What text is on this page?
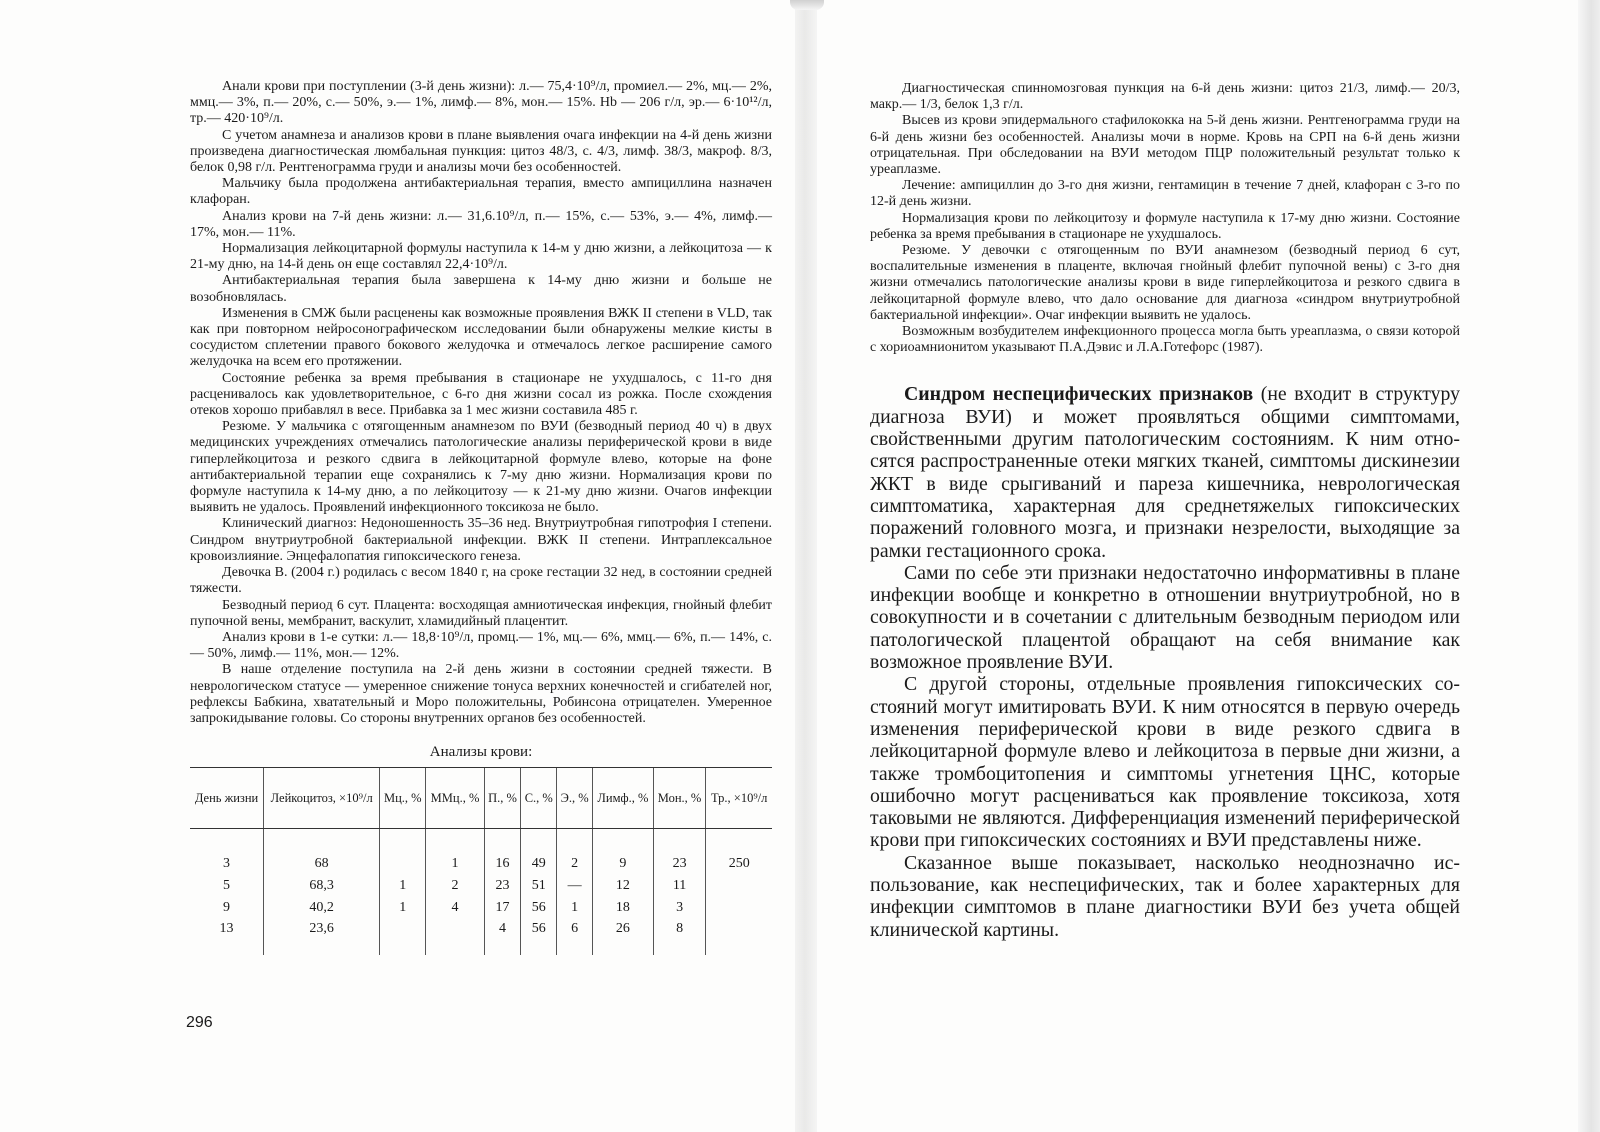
Анали крови при поступлении (3-й день жизни): л.— 75,4·10⁹/л, промиел.— 2%, мц.— 2%, ммц.— 3%, п.— 20%, с.— 50%, э.— 1%, лимф.— 8%, мон.— 15%. Hb — 206 г/л, эр.— 6·10¹²/л, тр.— 420·10⁹/л.

С учетом анамнеза и анализов крови в плане выявления очага инфекции на 4-й день жизни произведена диагностическая люмбальная пункция: цитоз 48/3, с. 4/3, лимф. 38/3, макроф. 8/3, белок 0,98 г/л. Рентгенограмма груди и анализы мочи без особенностей.

Мальчику была продолжена антибактериальная терапия, вместо ампициллина назначен клафоран.

Анализ крови на 7-й день жизни: л.— 31,6.10⁹/л, п.— 15%, с.— 53%, э.— 4%, лимф.— 17%, мон.— 11%.

Нормализация лейкоцитарной формулы наступила к 14-м у дню жизни, а лейкоцитоза — к 21-му дню, на 14-й день он еще составлял 22,4·10⁹/л.

Антибактериальная терапия была завершена к 14-му дню жизни и больше не возобновлялась.

Изменения в СМЖ были расценены как возможные проявления ВЖК II степени в VLD, так как при повторном нейросонографическом исследовании были обнаружены мелкие кисты в сосудистом сплетении правого бокового желудочка и отмечалось легкое расширение самого желудочка на всем его протяжении.

Состояние ребенка за время пребывания в стационаре не ухудшалось, с 11-го дня расценивалось как удовлетворительное, с 6-го дня жизни сосал из рожка. После схождения отеков хорошо прибавлял в весе. Прибавка за 1 мес жизни составила 485 г.

Резюме. У мальчика с отягощенным анамнезом по ВУИ (безводный период 40 ч) в двух медицинских учреждениях отмечались патологические анализы периферической крови в виде гиперлейкоцитоза и резкого сдвига в лейкоцитарной формуле влево, которые на фоне антибактериальной терапии еще сохранялись к 7-му дню жизни. Нормализация крови по формуле наступила к 14-му дню, а по лейкоцитозу — к 21-му дню жизни. Очагов инфекции выявить не удалось. Проявлений инфекционного токсикоза не было.

Клинический диагноз: Недоношенность 35–36 нед. Внутриутробная гипотрофия I степени. Синдром внутриутробной бактериальной инфекции. ВЖК II степени. Интраплексальное кровоизлияние. Энцефалопатия гипоксического генеза.

Девочка В. (2004 г.) родилась с весом 1840 г, на сроке гестации 32 нед, в состоянии средней тяжести.

Безводный период 6 сут. Плацента: восходящая амниотическая инфекция, гнойный флебит пупочной вены, мембранит, васкулит, хламидийный плацентит.

Анализ крови в 1-е сутки: л.— 18,8·10⁹/л, промц.— 1%, мц.— 6%, ммц.— 6%, п.— 14%, с.— 50%, лимф.— 11%, мон.— 12%.

В наше отделение поступила на 2-й день жизни в состоянии средней тяжести. В неврологическом статусе — умеренное снижение тонуса верхних конечностей и сгибателей ног, рефлексы Бабкина, хватательный и Моро положительны, Робинсона отрицателен. Умеренное запрокидывание головы. Со стороны внутренних органов без особенностей.

Анализы крови:
День жизни	Лейкоцитоз, ×10⁹/л	Мц., %	ММц., %	П., %	С., %	Э., %	Лимф., %	Мон., %	Тр., ×10⁹/л

3	68		1	16	49	2	9	23	250
5	68,3	1	2	23	51	—	12	11	
9	40,2	1	4	17	56	1	18	3	
13	23,6			4	56	6	26	8	
296

Диагностическая спинномозговая пункция на 6-й день жизни: цитоз 21/3, лимф.— 20/3, макр.— 1/3, белок 1,3 г/л.

Высев из крови эпидермального стафилококка на 5-й день жизни. Рентгенограмма груди на 6-й день жизни без особенностей. Анализы мочи в норме. Кровь на СРП на 6-й день жизни отрицательная. При обследовании на ВУИ методом ПЦР положительный результат только к уреаплазме.

Лечение: ампициллин до 3-го дня жизни, гентамицин в течение 7 дней, клафоран с 3-го по 12-й день жизни.

Нормализация крови по лейкоцитозу и формуле наступила к 17-му дню жизни. Состояние ребенка за время пребывания в стационаре не ухудшалось.

Резюме. У девочки с отягощенным по ВУИ анамнезом (безводный период 6 сут, воспалительные изменения в плаценте, включая гнойный флебит пупочной вены) с 3-го дня жизни отмечались патологические анализы крови в виде гиперлейкоцитоза и резкого сдвига в лейкоцитарной формуле влево, что дало основание для диагноза «синдром внутриутробной бактериальной инфекции». Очаг инфекции выявить не удалось.

Возможным возбудителем инфекционного процесса могла быть уреаплазма, о связи которой с хориоамнионитом указывают П.А.Дэвис и Л.А.Готефорс (1987).

Синдром неспецифических признаков (не входит в структуру диагноза ВУИ) и может проявляться общими симптомами, свойственными другим патологическим состояниям. К ним относятся распространенные отеки мягких тканей, симптомы дискинезии ЖКТ в виде срыгиваний и пареза кишечника, неврологическая симптоматика, характерная для среднетяжелых гипоксических поражений головного мозга, и признаки незрелости, выходящие за рамки гестационного срока.

Сами по себе эти признаки недостаточно информативны в плане инфекции вообще и конкретно в отношении внутриутробной, но в совокупности и в сочетании с длительным безводным периодом или патологической плацентой обращают на себя внимание как возможное проявление ВУИ.

С другой стороны, отдельные проявления гипоксических состояний могут имитировать ВУИ. К ним относятся в первую очередь изменения периферической крови в виде резкого сдвига в лейкоцитарной формуле влево и лейкоцитоза в первые дни жизни, а также тромбоцитопения и симптомы угнетения ЦНС, которые ошибочно могут расцениваться как проявление токсикоза, хотя таковыми не являются. Дифференциация изменений периферической крови при гипоксических состояниях и ВУИ представлены ниже.

Сказанное выше показывает, насколько неоднозначно использование, как неспецифических, так и более характерных для инфекции симптомов в плане диагностики ВУИ без учета общей клинической картины.
